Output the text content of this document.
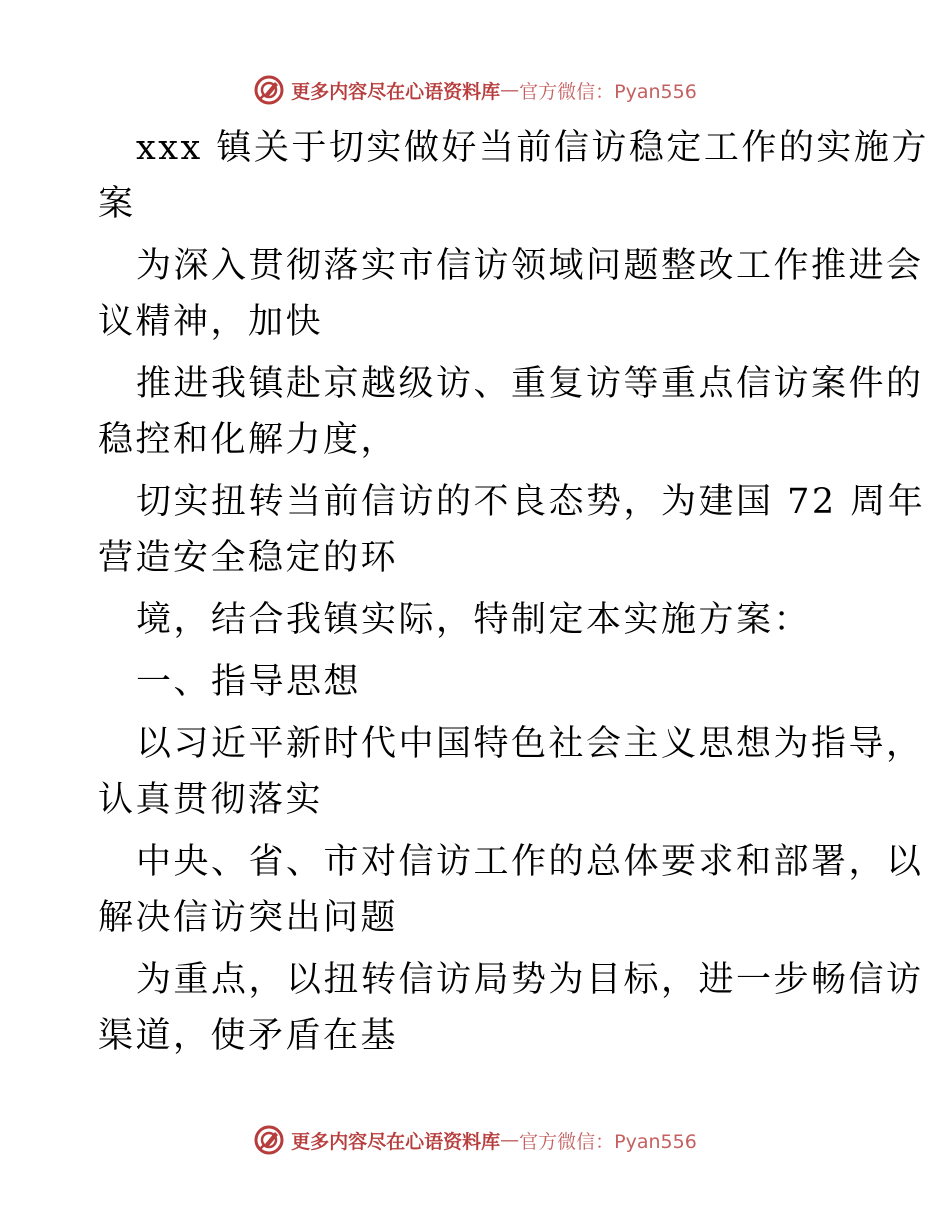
更多内容尽在心语资料库 — 官方微信：Pyan556
xxx 镇关于切实做好当前信访稳定工作的实施方
案
为深入贯彻落实市信访领域问题整改工作推进会
议精神，加快
推进我镇赴京越级访、重复访等重点信访案件的
稳控和化解力度，
切实扭转当前信访的不良态势，为建国 72 周年
营造安全稳定的环
境，结合我镇实际，特制定本实施方案：
一、指导思想
以习近平新时代中国特色社会主义思想为指导，
认真贯彻落实
中央、省、市对信访工作的总体要求和部署，以
解决信访突出问题
为重点，以扭转信访局势为目标，进一步畅信访
渠道，使矛盾在基
更多内容尽在心语资料库 — 官方微信：Pyan556
